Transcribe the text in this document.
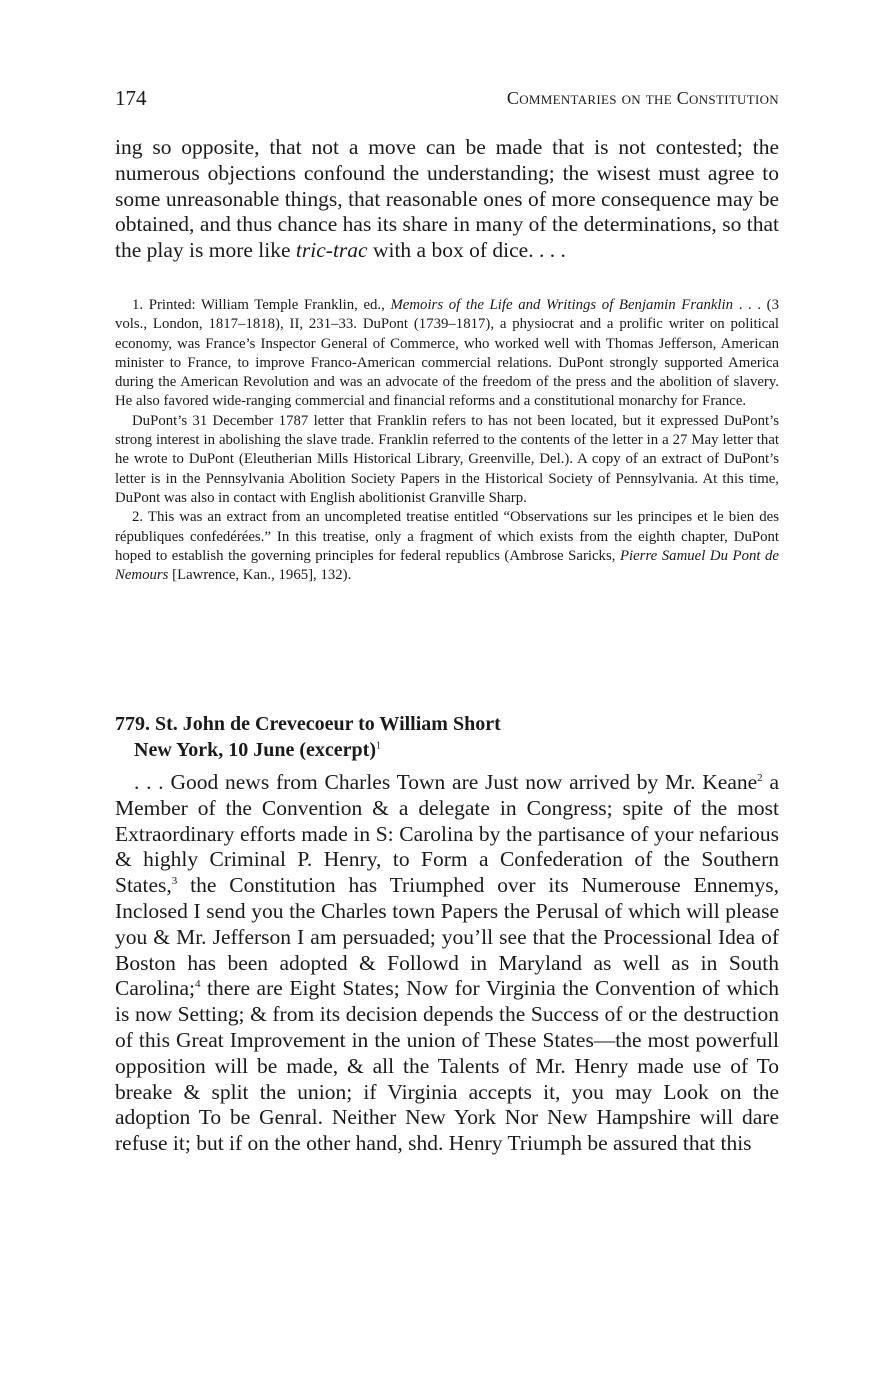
174	Commentaries on the Constitution

ing so opposite, that not a move can be made that is not contested; the numerous objections confound the understanding; the wisest must agree to some unreasonable things, that reasonable ones of more consequence may be obtained, and thus chance has its share in many of the determinations, so that the play is more like tric-trac with a box of dice. . . .

1. Printed: William Temple Franklin, ed., Memoirs of the Life and Writings of Benjamin Franklin . . . (3 vols., London, 1817–1818), II, 231–33. DuPont (1739–1817), a physiocrat and a prolific writer on political economy, was France’s Inspector General of Commerce, who worked well with Thomas Jefferson, American minister to France, to improve Franco-American commercial relations. DuPont strongly supported America during the American Revolution and was an advocate of the freedom of the press and the abolition of slavery. He also favored wide-ranging commercial and financial reforms and a constitutional monarchy for France.

DuPont’s 31 December 1787 letter that Franklin refers to has not been located, but it expressed DuPont’s strong interest in abolishing the slave trade. Franklin referred to the contents of the letter in a 27 May letter that he wrote to DuPont (Eleutherian Mills Historical Library, Greenville, Del.). A copy of an extract of DuPont’s letter is in the Pennsylvania Abolition Society Papers in the Historical Society of Pennsylvania. At this time, DuPont was also in contact with English abolitionist Granville Sharp.

2. This was an extract from an uncompleted treatise entitled “Observations sur les principes et le bien des républiques confedérées.” In this treatise, only a fragment of which exists from the eighth chapter, DuPont hoped to establish the governing principles for federal republics (Ambrose Saricks, Pierre Samuel Du Pont de Nemours [Lawrence, Kan., 1965], 132).

779. St. John de Crevecoeur to William Short
New York, 10 June (excerpt)$^1$

. . . Good news from Charles Town are Just now arrived by Mr. Keane$^2$ a Member of the Convention & a delegate in Congress; spite of the most Extraordinary efforts made in S: Carolina by the partisance of your nefarious & highly Criminal P. Henry, to Form a Confederation of the Southern States,$^3$ the Constitution has Triumphed over its Numerouse Ennemys, Inclosed I send you the Charles town Papers the Perusal of which will please you & Mr. Jefferson I am persuaded; you’ll see that the Processional Idea of Boston has been adopted & Followd in Maryland as well as in South Carolina;$^4$ there are Eight States; Now for Virginia the Convention of which is now Setting; & from its decision depends the Success of or the destruction of this Great Improvement in the union of These States—the most powerfull opposition will be made, & all the Talents of Mr. Henry made use of To breake & split the union; if Virginia accepts it, you may Look on the adoption To be Genral. Neither New York Nor New Hampshire will dare refuse it; but if on the other hand, shd. Henry Triumph be assured that this
